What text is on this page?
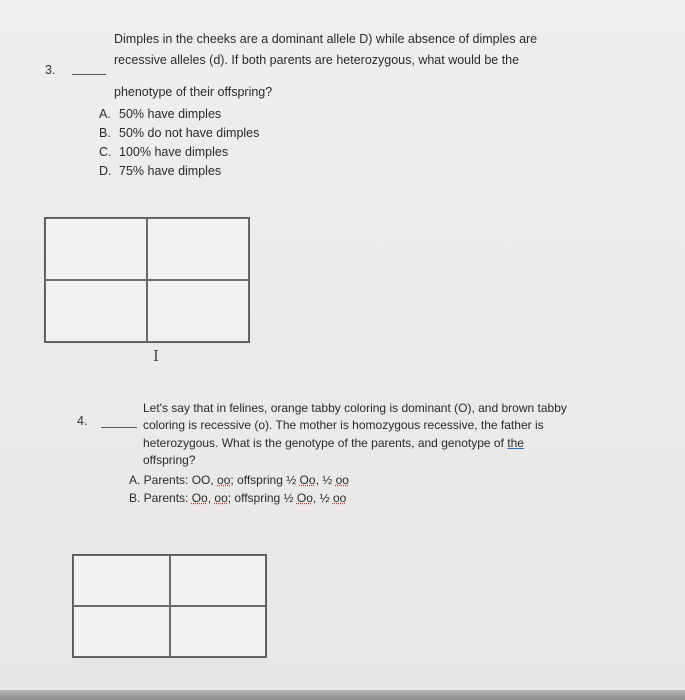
3.
Dimples in the cheeks are a dominant allele D) while absence of dimples are
recessive alleles (d). If both parents are heterozygous, what would be the
phenotype of their offspring?
A. 50% have dimples
B. 50% do not have dimples
C. 100% have dimples
D. 75% have dimples
I
4.
Let's say that in felines, orange tabby coloring is dominant (O), and brown tabby
coloring is recessive (o). The mother is homozygous recessive, the father is
heterozygous. What is the genotype of the parents, and genotype of the
offspring?
A. Parents: OO, oo; offspring ½ Oo, ½ oo
B. Parents: Oo, oo; offspring ½ Oo, ½ oo
